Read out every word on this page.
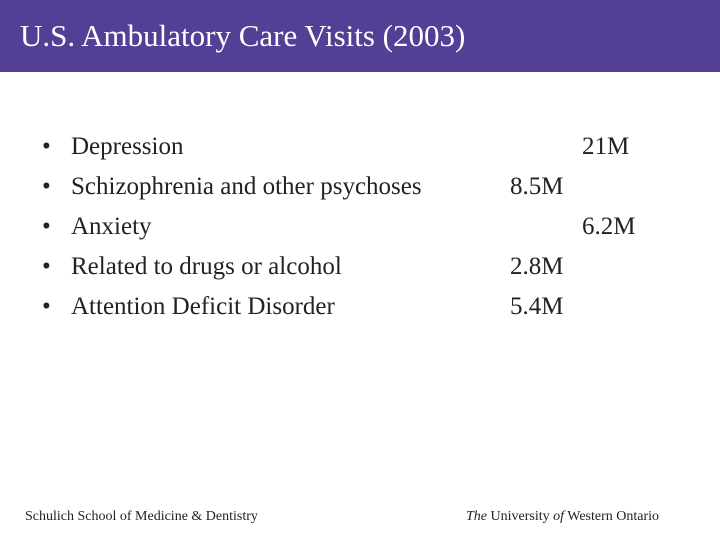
U.S. Ambulatory Care Visits (2003)
• Depression	21M
• Schizophrenia and other psychoses	8.5M
• Anxiety	6.2M
• Related to drugs or alcohol	2.8M
• Attention Deficit Disorder	5.4M
Schulich School of Medicine & Dentistry	The University of Western Ontario
